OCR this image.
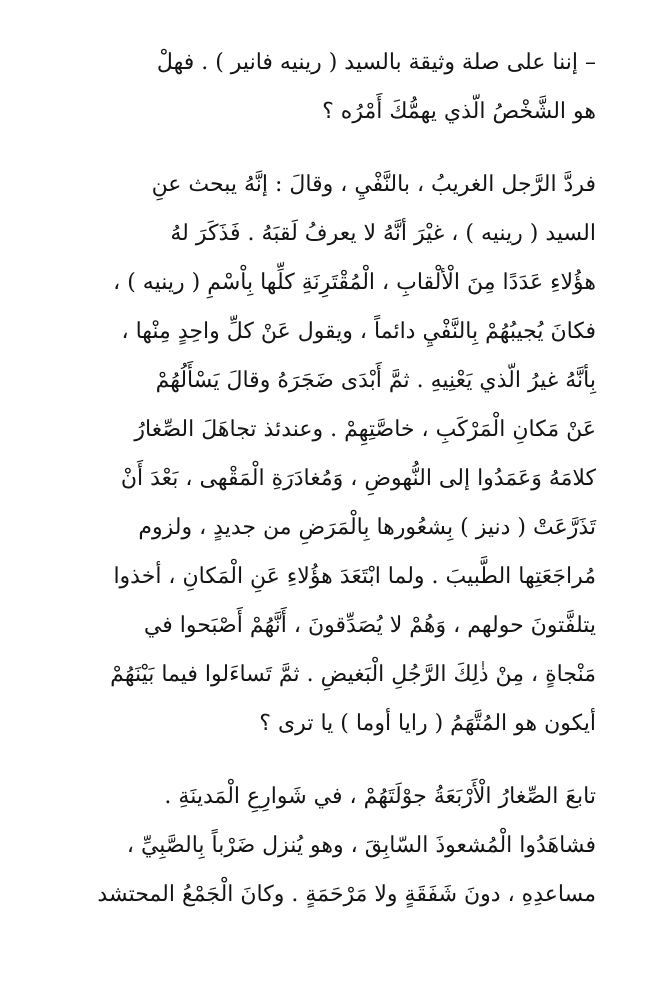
– إننا على صلة وثيقة بالسيد ( رينيه فانير ) . فهلْ
هو الشَّخْصُ الّذي يهمُّكَ أَمْرُه ؟

فردَّ الرَّجل الغريبُ ، بالنَّفْيِ ، وقالَ : إنَّهُ يبحث عنِ
السيد ( رينيه ) ، غيْرَ أنَّهُ لا يعرفُ لَقبَهُ . فَذَكَرَ لهُ
هؤُلاءِ عَدَدًا مِنَ الْألْقابِ ، الْمُقْتَرِنَةِ كلِّها بِاْسْمِ ( رينيه ) ،
فكانَ يُجيبُهُمْ بِالنَّفْيِ دائماً ، ويقول عَنْ كلِّ واحِدٍ مِنْها ،
بِأنَّهُ غيرُ الّذي يَعْنِيهِ . ثمَّ أَبْدَى ضَجَرَهُ وقالَ يَسْأَلُهُمْ
عَنْ مَكانِ الْمَرْكَبِ ، خاصَّتِهِمْ . وعندئذ تجاهَلَ الصِّغارُ
كلامَهُ وَعَمَدُوا إلى النُّهوضِ ، وَمُغادَرَةِ الْمَقْهى ، بَعْدَ أَنْ
تَذَرَّعَتْ ( دنيز ) بِشعُورها بِالْمَرَضِ من جديدٍ ، ولزوم
مُراجَعَتِها الطَّبيبَ . ولما ابْتَعَدَ هؤُلاءِ عَنِ الْمَكانِ ، أخذوا
يتلفَّتونَ حولهم ، وَهُمْ لا يُصَدِّقونَ ، أَنَّهُمْ أَصْبَحوا في
مَنْجاةٍ ، مِنْ ذٰلِكَ الرَّجُلِ الْبَغيضِ . ثمَّ تَساءَلوا فيما بَيْنَهُمْ
أيكون هو المُتَّهَمُ ( رايا أوما ) يا ترى ؟

تابعَ الصِّغارُ الْأَرْبَعَةُ جوْلَتَهُمْ ، في شَوارِعِ الْمَدينَةِ .
فشاهَدُوا الْمُشعوذَ السّابِقَ ، وهو يُنزل ضَرْباً بِالصَّبِيِّ ،
مساعدِهِ ، دونَ شَفَقَةٍ ولا مَرْحَمَةٍ . وكانَ الْجَمْعُ المحتشد
